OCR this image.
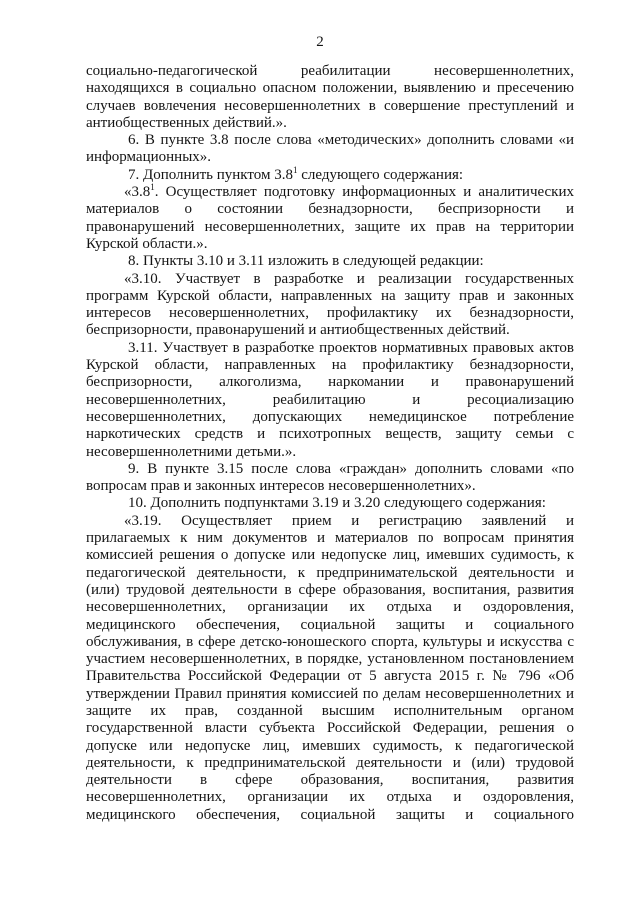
2
социально-педагогической реабилитации несовершеннолетних,
находящихся в социально опасном положении, выявлению и пресечению
случаев вовлечения несовершеннолетних в совершение преступлений и
антиобщественных действий.».
6. В пункте 3.8 после слова «методических» дополнить словами «и
информационных».
7. Дополнить пунктом $3.8^1$ следующего содержания:
«$3.8^1$. Осуществляет подготовку информационных и аналитических
материалов о состоянии безнадзорности, беспризорности и
правонарушений несовершеннолетних, защите их прав на территории
Курской области.».
8. Пункты 3.10 и 3.11 изложить в следующей редакции:
«3.10. Участвует в разработке и реализации государственных
программ Курской области, направленных на защиту прав и законных
интересов несовершеннолетних, профилактику их безнадзорности,
беспризорности, правонарушений и антиобщественных действий.
3.11. Участвует в разработке проектов нормативных правовых актов
Курской области, направленных на профилактику безнадзорности,
беспризорности, алкоголизма, наркомании и правонарушений
несовершеннолетних, реабилитацию и ресоциализацию
несовершеннолетних, допускающих немедицинское потребление
наркотических средств и психотропных веществ, защиту семьи с
несовершеннолетними детьми.».
9. В пункте 3.15 после слова «граждан» дополнить словами «по
вопросам прав и законных интересов несовершеннолетних».
10. Дополнить подпунктами 3.19 и 3.20 следующего содержания:
«3.19. Осуществляет прием и регистрацию заявлений и
прилагаемых к ним документов и материалов по вопросам принятия
комиссией решения о допуске или недопуске лиц, имевших судимость, к
педагогической деятельности, к предпринимательской деятельности и
(или) трудовой деятельности в сфере образования, воспитания, развития
несовершеннолетних, организации их отдыха и оздоровления,
медицинского обеспечения, социальной защиты и социального
обслуживания, в сфере детско-юношеского спорта, культуры и искусства с
участием несовершеннолетних, в порядке, установленном постановлением
Правительства Российской Федерации от 5 августа 2015 г. № 796 «Об
утверждении Правил принятия комиссией по делам несовершеннолетних и
защите их прав, созданной высшим исполнительным органом
государственной власти субъекта Российской Федерации, решения о
допуске или недопуске лиц, имевших судимость, к педагогической
деятельности, к предпринимательской деятельности и (или) трудовой
деятельности в сфере образования, воспитания, развития
несовершеннолетних, организации их отдыха и оздоровления,
медицинского обеспечения, социальной защиты и социального
